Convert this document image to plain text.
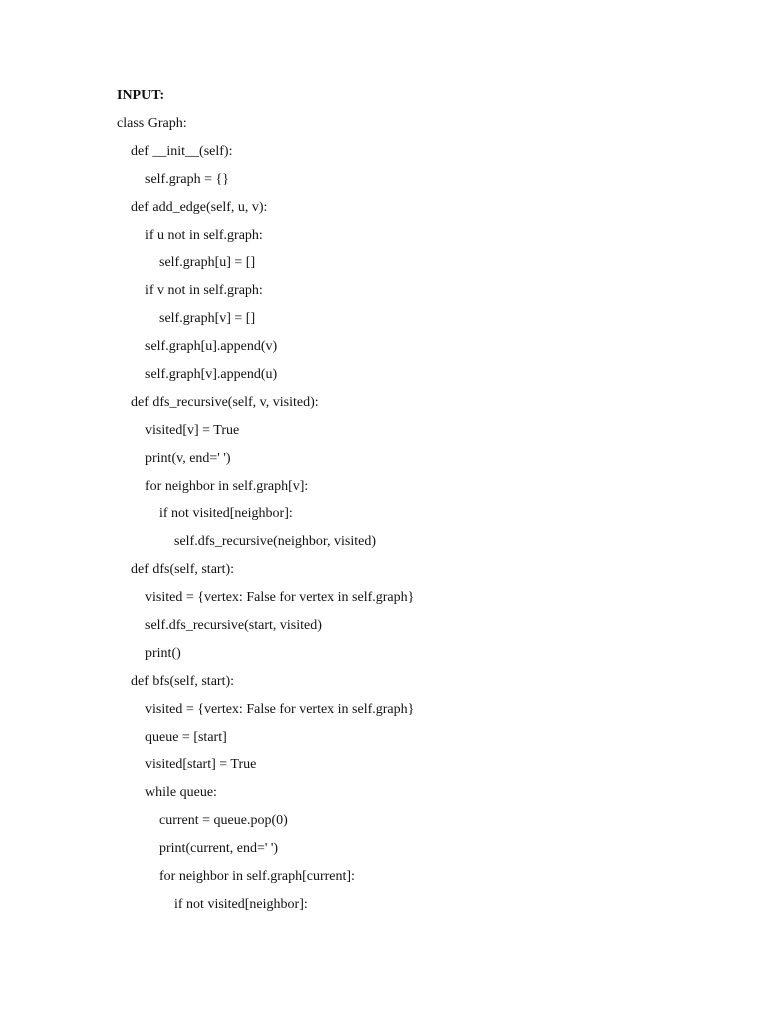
INPUT:
class Graph:
def __init__(self):
self.graph = {}
def add_edge(self, u, v):
if u not in self.graph:
self.graph[u] = []
if v not in self.graph:
self.graph[v] = []
self.graph[u].append(v)
self.graph[v].append(u)
def dfs_recursive(self, v, visited):
visited[v] = True
print(v, end=' ')
for neighbor in self.graph[v]:
if not visited[neighbor]:
self.dfs_recursive(neighbor, visited)
def dfs(self, start):
visited = {vertex: False for vertex in self.graph}
self.dfs_recursive(start, visited)
print()
def bfs(self, start):
visited = {vertex: False for vertex in self.graph}
queue = [start]
visited[start] = True
while queue:
current = queue.pop(0)
print(current, end=' ')
for neighbor in self.graph[current]:
if not visited[neighbor]:
